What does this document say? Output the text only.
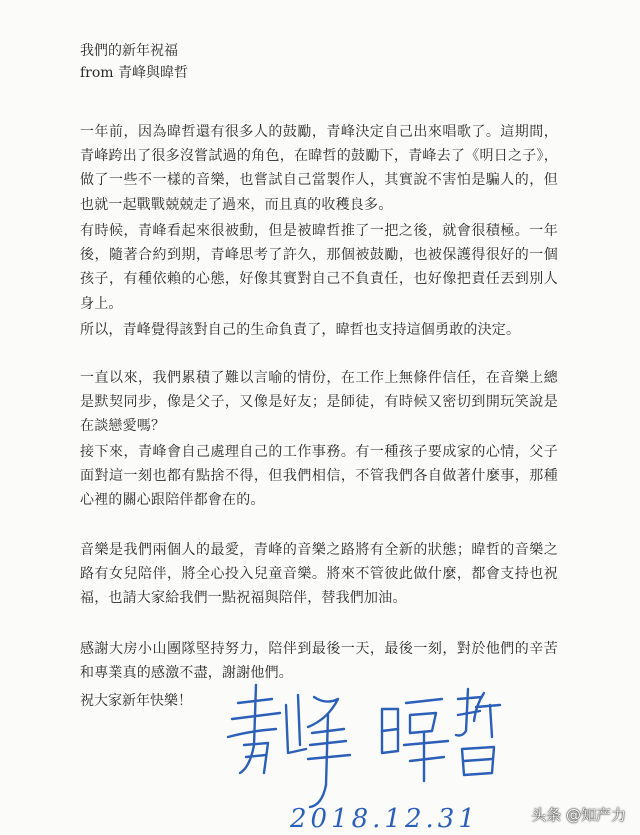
我們的新年祝福
from 青峰與暐哲
一年前，因為暐哲還有很多人的鼓勵，青峰決定自己出來唱歌了。這期間，青峰跨出了很多沒嘗試過的角色，在暐哲的鼓勵下，青峰去了《明日之子》，做了一些不一樣的音樂，也嘗試自己當製作人，其實說不害怕是騙人的，但也就一起戰戰兢兢走了過來，而且真的收穫良多。
有時候，青峰看起來很被動，但是被暐哲推了一把之後，就會很積極。一年後，隨著合約到期，青峰思考了許久，那個被鼓勵，也被保護得很好的一個孩子，有種依賴的心態，好像其實對自己不負責任，也好像把責任丟到別人身上。
所以，青峰覺得該對自己的生命負責了，暐哲也支持這個勇敢的決定。
一直以來，我們累積了難以言喻的情份，在工作上無條件信任，在音樂上總是默契同步，像是父子，又像是好友；是師徒，有時候又密切到開玩笑說是在談戀愛嗎？
接下來，青峰會自己處理自己的工作事務。有一種孩子要成家的心情，父子面對這一刻也都有點捨不得，但我們相信，不管我們各自做著什麼事，那種心裡的關心跟陪伴都會在的。
音樂是我們兩個人的最愛，青峰的音樂之路將有全新的狀態；暐哲的音樂之路有女兒陪伴，將全心投入兒童音樂。將來不管彼此做什麼，都會支持也祝福，也請大家給我們一點祝福與陪伴，替我們加油。
感謝大房小山團隊堅持努力，陪伴到最後一天，最後一刻，對於他們的辛苦和專業真的感激不盡，謝謝他們。
祝大家新年快樂！
2018.12.31	头条 @知产力
